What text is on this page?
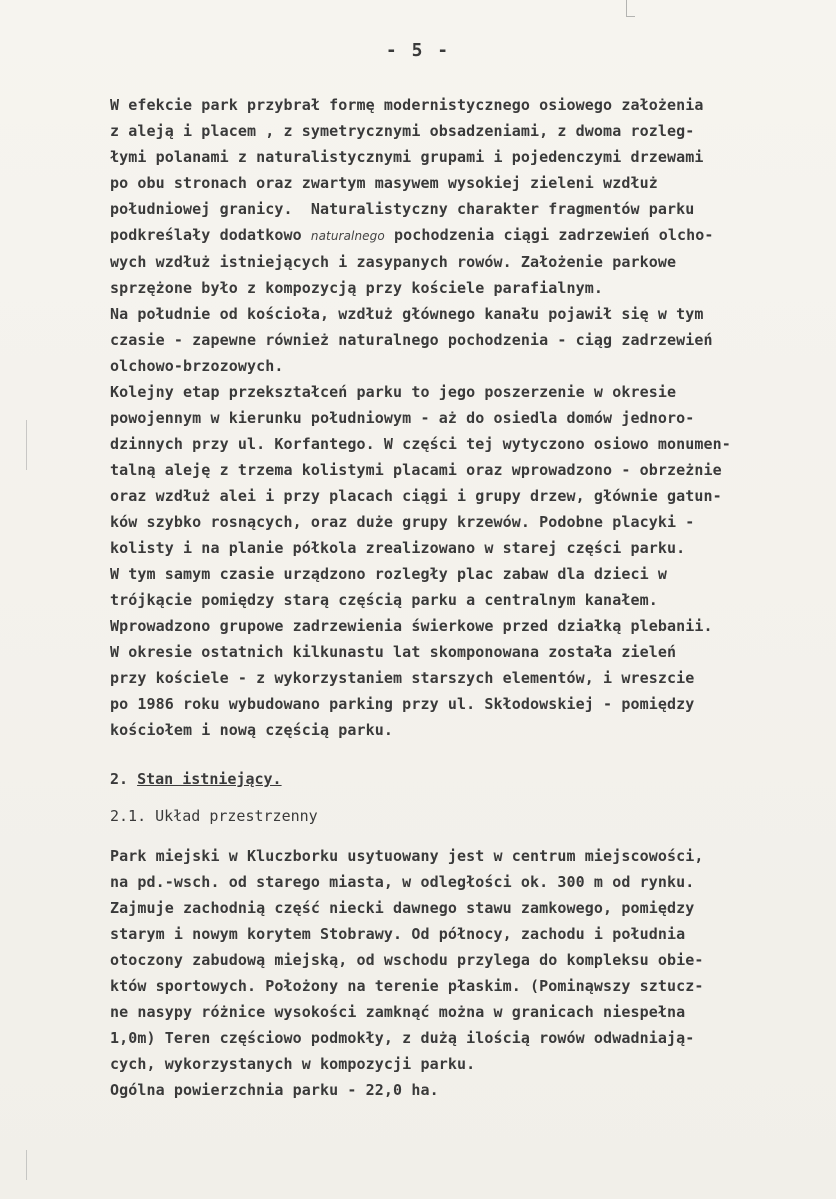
- 5 -
W efekcie park przybrał formę modernistycznego osiowego założenia
z aleją i placem , z symetrycznymi obsadzeniami, z dwoma rozleg-
łymi polanami z naturalistycznymi grupami i pojedenczymi drzewami
po obu stronach oraz zwartym masywem wysokiej zieleni wzdłuż
południowej granicy.  Naturalistyczny charakter fragmentów parku
podkreślały dodatkowo naturalnego pochodzenia ciągi zadrzewień olcho-
wych wzdłuż istniejących i zasypanych rowów. Założenie parkowe
sprzężone było z kompozycją przy kościele parafialnym.
Na południe od kościoła, wzdłuż głównego kanału pojawił się w tym
czasie - zapewne również naturalnego pochodzenia - ciąg zadrzewień
olchowo-brzozowych.
Kolejny etap przekształceń parku to jego poszerzenie w okresie
powojennym w kierunku południowym - aż do osiedla domów jednoro-
dzinnych przy ul. Korfantego. W części tej wytyczono osiowo monumen-
talną aleję z trzema kolistymi placami oraz wprowadzono - obrzeżnie
oraz wzdłuż alei i przy placach ciągi i grupy drzew, głównie gatun-
ków szybko rosnących, oraz duże grupy krzewów. Podobne placyki -
kolisty i na planie półkola zrealizowano w starej części parku.
W tym samym czasie urządzono rozległy plac zabaw dla dzieci w
trójkącie pomiędzy starą częścią parku a centralnym kanałem.
Wprowadzono grupowe zadrzewienia świerkowe przed działką plebanii.
W okresie ostatnich kilkunastu lat skomponowana została zieleń
przy kościele - z wykorzystaniem starszych elementów, i wreszcie
po 1986 roku wybudowano parking przy ul. Skłodowskiej - pomiędzy
kościołem i nową częścią parku.
2. Stan istniejący.
2.1. Układ przestrzenny
Park miejski w Kluczborku usytuowany jest w centrum miejscowości,
na pd.-wsch. od starego miasta, w odległości ok. 300 m od rynku.
Zajmuje zachodnią część niecki dawnego stawu zamkowego, pomiędzy
starym i nowym korytem Stobrawy. Od północy, zachodu i południa
otoczony zabudową miejską, od wschodu przylega do kompleksu obie-
któw sportowych. Położony na terenie płaskim. (Pominąwszy sztucz-
ne nasypy różnice wysokości zamknąć można w granicach niespełna
1,0m) Teren częściowo podmokły, z dużą ilością rowów odwadniają-
cych, wykorzystanych w kompozycji parku.
Ogólna powierzchnia parku - 22,0 ha.
